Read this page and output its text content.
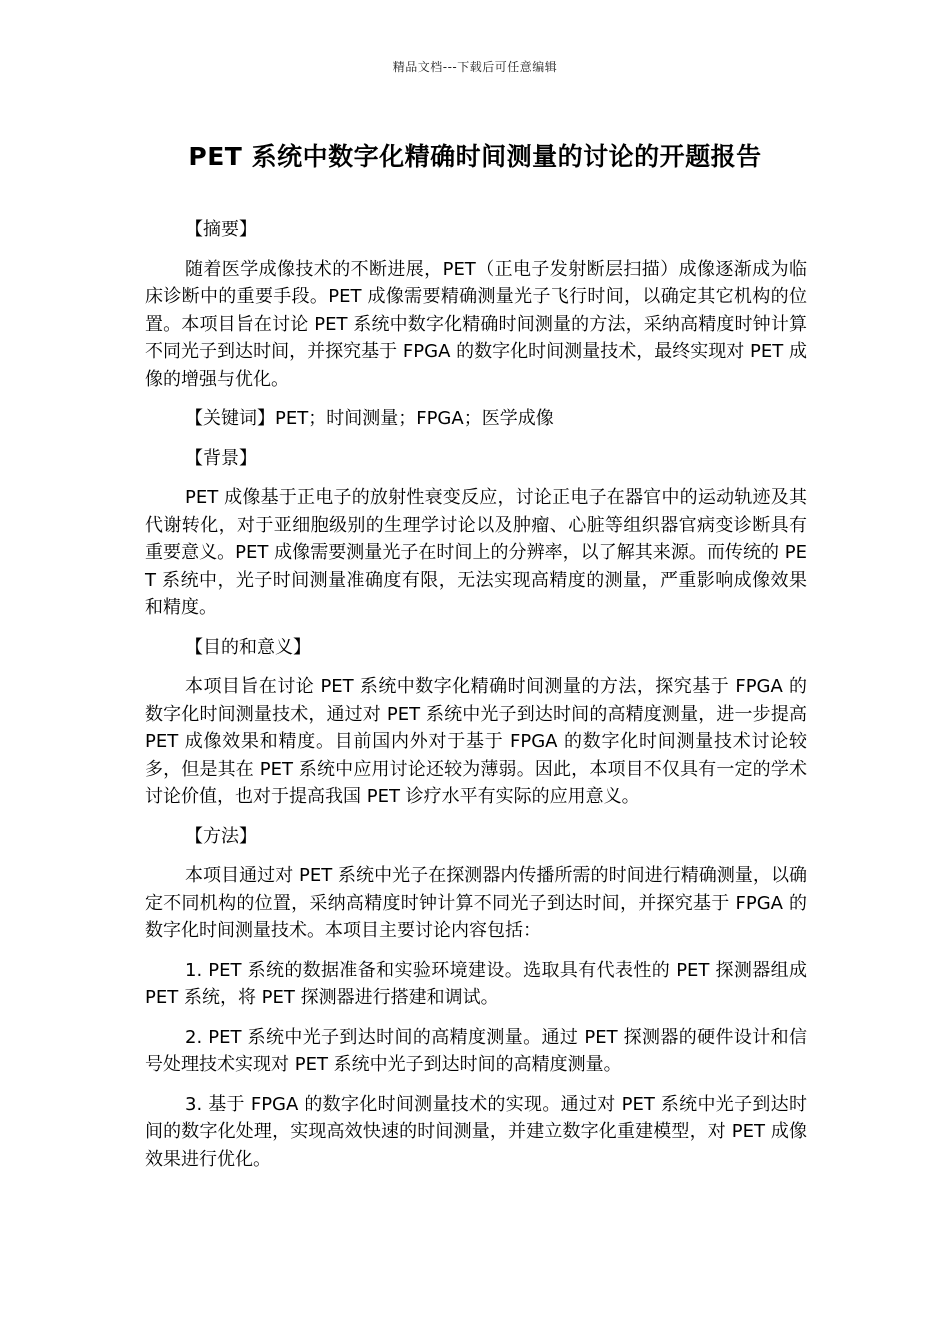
精品文档---下载后可任意编辑
PET 系统中数字化精确时间测量的讨论的开题报告

【摘要】

随着医学成像技术的不断进展，PET（正电子发射断层扫描）成像逐渐成为临床诊断中的重要手段。PET 成像需要精确测量光子飞行时间，以确定其它机构的位置。本项目旨在讨论 PET 系统中数字化精确时间测量的方法，采纳高精度时钟计算不同光子到达时间，并探究基于 FPGA 的数字化时间测量技术，最终实现对 PET 成像的增强与优化。

【关键词】PET；时间测量；FPGA；医学成像

【背景】

PET 成像基于正电子的放射性衰变反应，讨论正电子在器官中的运动轨迹及其代谢转化，对于亚细胞级别的生理学讨论以及肿瘤、心脏等组织器官病变诊断具有重要意义。PET 成像需要测量光子在时间上的分辨率，以了解其来源。而传统的 PET 系统中，光子时间测量准确度有限，无法实现高精度的测量，严重影响成像效果和精度。

【目的和意义】

本项目旨在讨论 PET 系统中数字化精确时间测量的方法，探究基于 FPGA 的数字化时间测量技术，通过对 PET 系统中光子到达时间的高精度测量，进一步提高 PET 成像效果和精度。目前国内外对于基于 FPGA 的数字化时间测量技术讨论较多，但是其在 PET 系统中应用讨论还较为薄弱。因此，本项目不仅具有一定的学术讨论价值，也对于提高我国 PET 诊疗水平有实际的应用意义。

【方法】

本项目通过对 PET 系统中光子在探测器内传播所需的时间进行精确测量，以确定不同机构的位置，采纳高精度时钟计算不同光子到达时间，并探究基于 FPGA 的数字化时间测量技术。本项目主要讨论内容包括：

1. PET 系统的数据准备和实验环境建设。选取具有代表性的 PET 探测器组成 PET 系统，将 PET 探测器进行搭建和调试。

2. PET 系统中光子到达时间的高精度测量。通过 PET 探测器的硬件设计和信号处理技术实现对 PET 系统中光子到达时间的高精度测量。

3. 基于 FPGA 的数字化时间测量技术的实现。通过对 PET 系统中光子到达时间的数字化处理，实现高效快速的时间测量，并建立数字化重建模型，对 PET 成像效果进行优化。
